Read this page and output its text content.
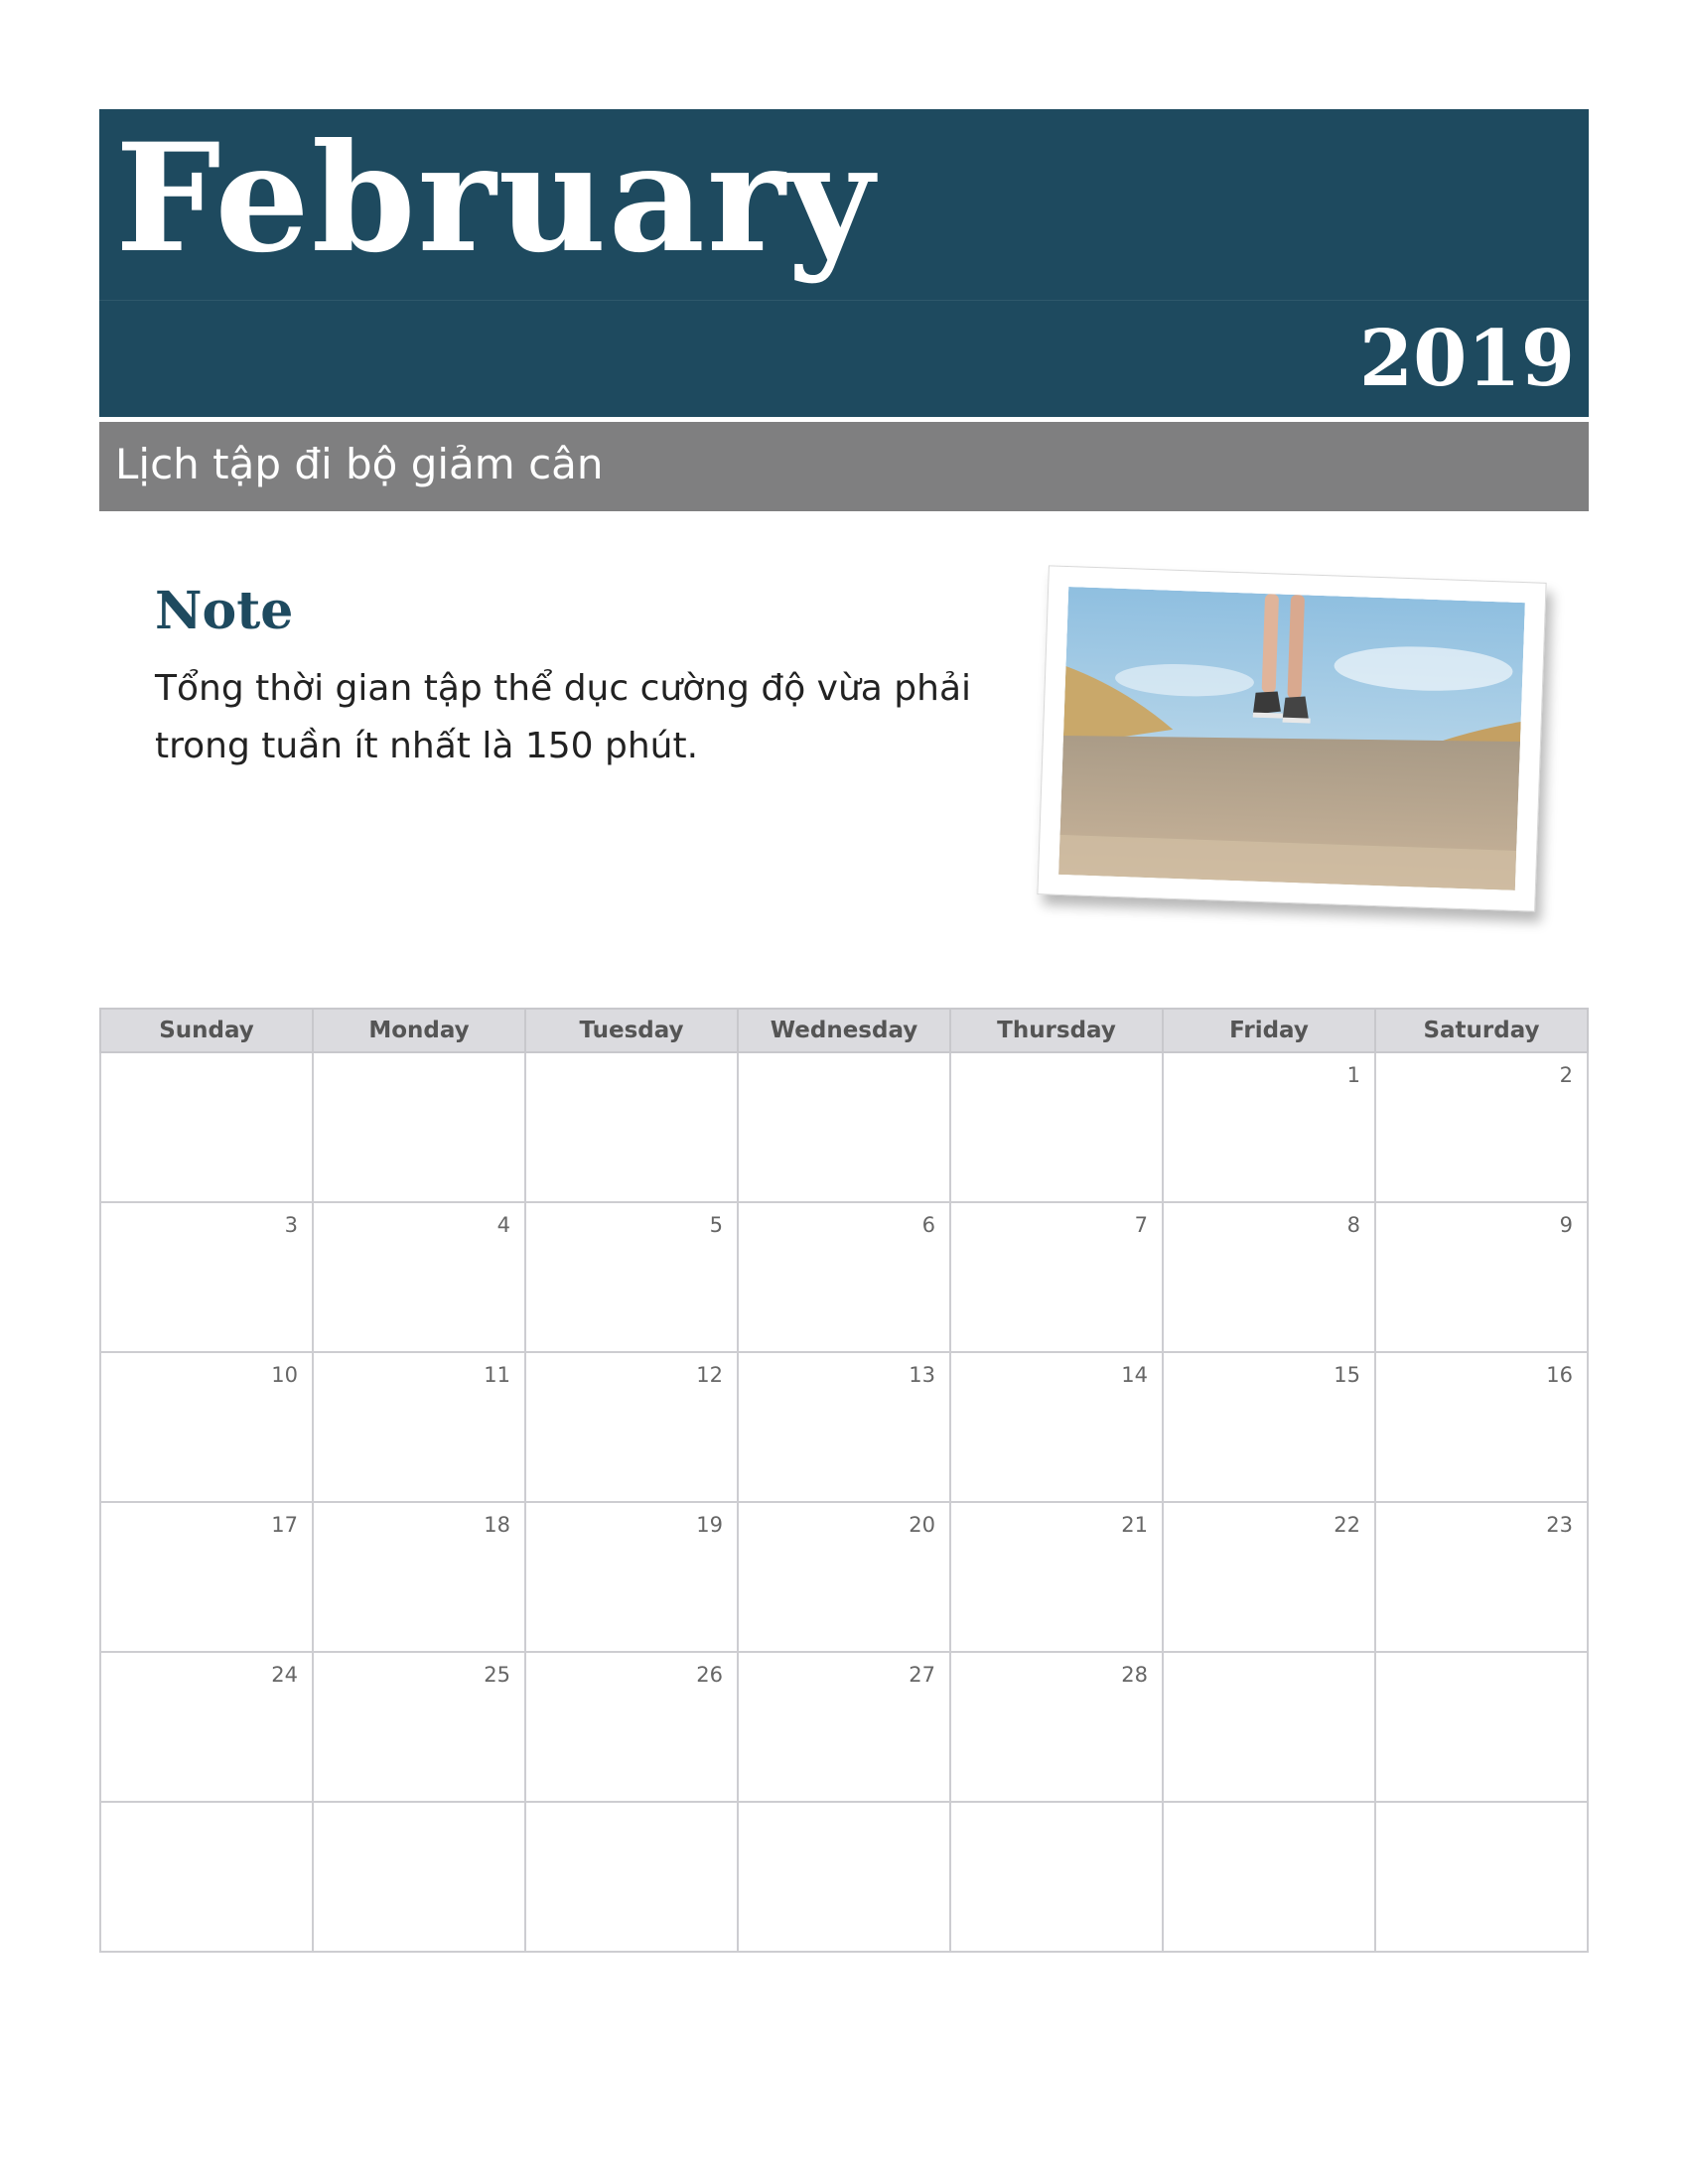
February
2019
Lịch tập đi bộ giảm cân
Note
Tổng thời gian tập thể dục cường độ vừa phải trong tuần ít nhất là 150 phút.
Sunday	Monday	Tuesday	Wednesday	Thursday	Friday	Saturday
					1	2
3	4	5	6	7	8	9
10	11	12	13	14	15	16
17	18	19	20	21	22	23
24	25	26	27	28		
